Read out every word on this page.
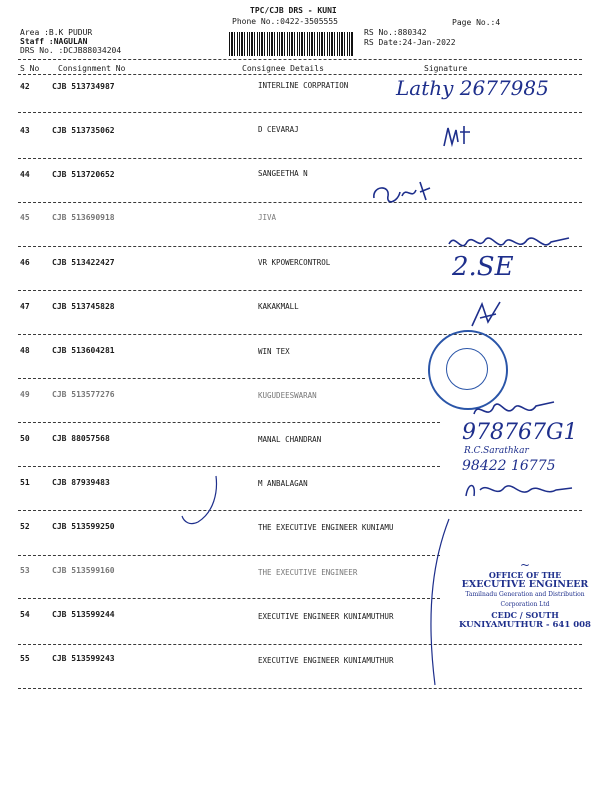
TPC/CJB DRS - KUNI
Phone No.:0422-3505555	Page No.:4
Area :B.K PUDUR
Staff :NAGULAN
DRS No. :DCJB88034204
RS No.:880342
RS Date:24-Jan-2022
S No Consignment No	Consignee Details	Signature
42	CJB 513734987	INTERLINE CORPRATION
43	CJB 513735062	D CEVARAJ
44	CJB 513720652	SANGEETHA N
45	CJB 513690918	JIVA
46	CJB 513422427	VR KPOWERCONTROL
47	CJB 513745828	KAKAKMALL
48	CJB 513604281	WIN TEX
49	CJB 513577276	KUGUDEESWARAN
50	CJB 88057568	MANAL CHANDRAN
51	CJB 87939483	M ANBALAGAN
52	CJB 513599250	THE EXECUTIVE ENGINEER KUNIAMU
53	CJB 513599160	THE EXECUTIVE ENGINEER
54	CJB 513599244	EXECUTIVE ENGINEER KUNIAMUTHUR
55	CJB 513599243	EXECUTIVE ENGINEER KUNIAMUTHUR
Lathy 2677985
2.SE
978767G1
R.C.Sarathkar
98422 16775
~
OFFICE OF THE
EXECUTIVE ENGINEER
Tamilnadu Generation and Distribution Corporation Ltd
CEDC / SOUTH
KUNIYAMUTHUR - 641 008
